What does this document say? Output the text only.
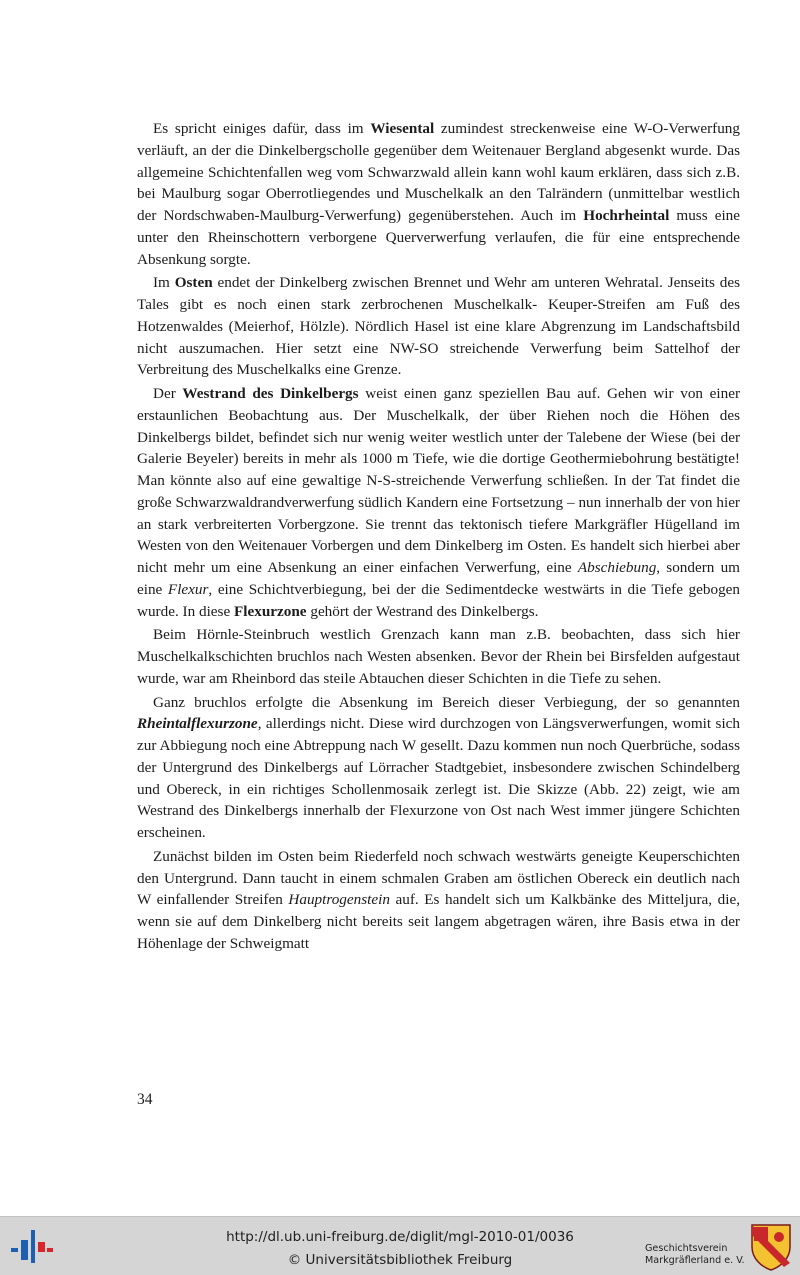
Es spricht einiges dafür, dass im Wiesental zumindest streckenweise eine W-O-Verwerfung verläuft, an der die Dinkelbergscholle gegenüber dem Weitenauer Bergland abgesenkt wurde. Das allgemeine Schichtenfallen weg vom Schwarzwald allein kann wohl kaum erklären, dass sich z.B. bei Maulburg sogar Oberrotliegendes und Muschelkalk an den Talrändern (unmittelbar westlich der Nordschwaben-Maulburg-Verwerfung) gegenüberstehen. Auch im Hochrheintal muss eine unter den Rheinschottern verborgene Querverwerfung verlaufen, die für eine entsprechende Absenkung sorgte.

Im Osten endet der Dinkelberg zwischen Brennet und Wehr am unteren Wehratal. Jenseits des Tales gibt es noch einen stark zerbrochenen Muschelkalk- Keuper-Streifen am Fuß des Hotzenwaldes (Meierhof, Hölzle). Nördlich Hasel ist eine klare Abgrenzung im Landschaftsbild nicht auszumachen. Hier setzt eine NW-SO streichende Verwerfung beim Sattelhof der Verbreitung des Muschelkalks eine Grenze.

Der Westrand des Dinkelbergs weist einen ganz speziellen Bau auf. Gehen wir von einer erstaunlichen Beobachtung aus. Der Muschelkalk, der über Riehen noch die Höhen des Dinkelbergs bildet, befindet sich nur wenig weiter westlich unter der Talebene der Wiese (bei der Galerie Beyeler) bereits in mehr als 1000 m Tiefe, wie die dortige Geothermiebohrung bestätigte! Man könnte also auf eine gewaltige N-S-streichende Verwerfung schließen. In der Tat findet die große Schwarzwaldrandverwerfung südlich Kandern eine Fortsetzung – nun innerhalb der von hier an stark verbreiterten Vorbergzone. Sie trennt das tektonisch tiefere Markgräfler Hügelland im Westen von den Weitenauer Vorbergen und dem Dinkelberg im Osten. Es handelt sich hierbei aber nicht mehr um eine Absenkung an einer einfachen Verwerfung, eine Abschiebung, sondern um eine Flexur, eine Schichtverbiegung, bei der die Sedimentdecke westwärts in die Tiefe gebogen wurde. In diese Flexurzone gehört der Westrand des Dinkelbergs.

Beim Hörnle-Steinbruch westlich Grenzach kann man z.B. beobachten, dass sich hier Muschelkalkschichten bruchlos nach Westen absenken. Bevor der Rhein bei Birsfelden aufgestaut wurde, war am Rheinbord das steile Abtauchen dieser Schichten in die Tiefe zu sehen.

Ganz bruchlos erfolgte die Absenkung im Bereich dieser Verbiegung, der so genannten Rheintalflexurzone, allerdings nicht. Diese wird durchzogen von Längsverwerfungen, womit sich zur Abbiegung noch eine Abtreppung nach W gesellt. Dazu kommen nun noch Querbrüche, sodass der Untergrund des Dinkelbergs auf Lörracher Stadtgebiet, insbesondere zwischen Schindelberg und Obereck, in ein richtiges Schollenmosaik zerlegt ist. Die Skizze (Abb. 22) zeigt, wie am Westrand des Dinkelbergs innerhalb der Flexurzone von Ost nach West immer jüngere Schichten erscheinen.

Zunächst bilden im Osten beim Riederfeld noch schwach westwärts geneigte Keuperschichten den Untergrund. Dann taucht in einem schmalen Graben am östlichen Obereck ein deutlich nach W einfallender Streifen Hauptrogenstein auf. Es handelt sich um Kalkbänke des Mitteljura, die, wenn sie auf dem Dinkelberg nicht bereits seit langem abgetragen wären, ihre Basis etwa in der Höhenlage der Schweigmatt

34
http://dl.ub.uni-freiburg.de/diglit/mgl-2010-01/0036
© Universitätsbibliothek Freiburg
Geschichtsverein
Markgräflerland e. V.
